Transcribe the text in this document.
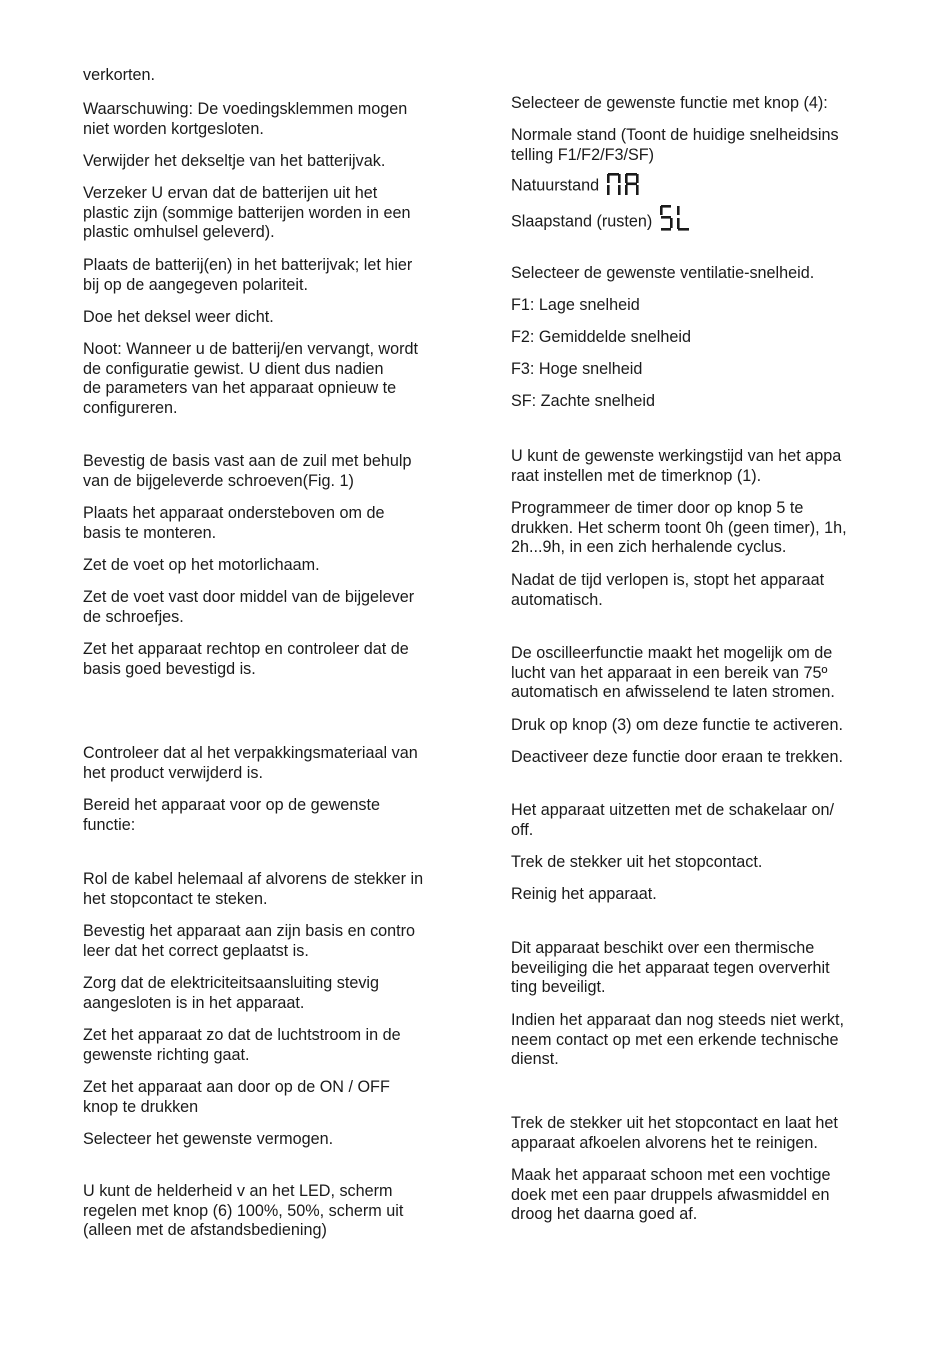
verkorten.
Waarschuwing: De voedingsklemmen mogen
niet worden kortgesloten.
Verwijder het dekseltje van het batterijvak.
Verzeker U ervan dat de batterijen uit het
plastic zijn (sommige batterijen worden in een
plastic omhulsel geleverd).
Plaats de batterij(en) in het batterijvak; let hier
bij op de aangegeven polariteit.
Doe het deksel weer dicht.
Noot: Wanneer u de batterij/en vervangt, wordt
de configuratie gewist. U dient dus nadien
de parameters van het apparaat opnieuw te
configureren.
Bevestig de basis vast aan de zuil met behulp
van de bijgeleverde schroeven(Fig. 1)
Plaats het apparaat ondersteboven om de
basis te monteren.
Zet de voet op het motorlichaam.
Zet de voet vast door middel van de bijgelever
de schroefjes.
Zet het apparaat rechtop en controleer dat de
basis goed bevestigd is.
Controleer dat al het verpakkingsmateriaal van
het product verwijderd is.
Bereid het apparaat voor op de gewenste
functie:
Rol de kabel helemaal af alvorens de stekker in
het stopcontact te steken.
Bevestig het apparaat aan zijn basis en contro
leer dat het correct geplaatst is.
Zorg dat de elektriciteitsaansluiting stevig
aangesloten is in het apparaat.
Zet het apparaat zo dat de luchtstroom in de
gewenste richting gaat.
Zet het apparaat aan door op de ON / OFF
knop te drukken
Selecteer het gewenste vermogen.
U kunt de helderheid v an het LED, scherm
regelen met knop (6) 100%, 50%, scherm uit
(alleen met de afstandsbediening)
Selecteer de gewenste functie met knop (4):
Normale stand (Toont de huidige snelheidsins
telling F1/F2/F3/SF)
Natuurstand
Slaapstand (rusten)
Selecteer de gewenste ventilatie-snelheid.
F1: Lage snelheid
F2: Gemiddelde snelheid
F3: Hoge snelheid
SF: Zachte snelheid
U kunt de gewenste werkingstijd van het appa
raat instellen met de timerknop (1).
Programmeer de timer door op knop 5 te
drukken. Het scherm toont 0h (geen timer), 1h,
2h...9h, in een zich herhalende cyclus.
Nadat de tijd verlopen is, stopt het apparaat
automatisch.
De oscilleerfunctie maakt het mogelijk om de
lucht van het apparaat in een bereik van 75º
automatisch en afwisselend te laten stromen.
Druk op knop (3) om deze functie te activeren.
Deactiveer deze functie door eraan te trekken.
Het apparaat uitzetten met de schakelaar on/
off.
Trek de stekker uit het stopcontact.
Reinig het apparaat.
Dit apparaat beschikt over een thermische
beveiliging die het apparaat tegen oververhit
ting beveiligt.
Indien het apparaat dan nog steeds niet werkt,
neem contact op met een erkende technische
dienst.
Trek de stekker uit het stopcontact en laat het
apparaat afkoelen alvorens het te reinigen.
Maak het apparaat schoon met een vochtige
doek met een paar druppels afwasmiddel en
droog het daarna goed af.
